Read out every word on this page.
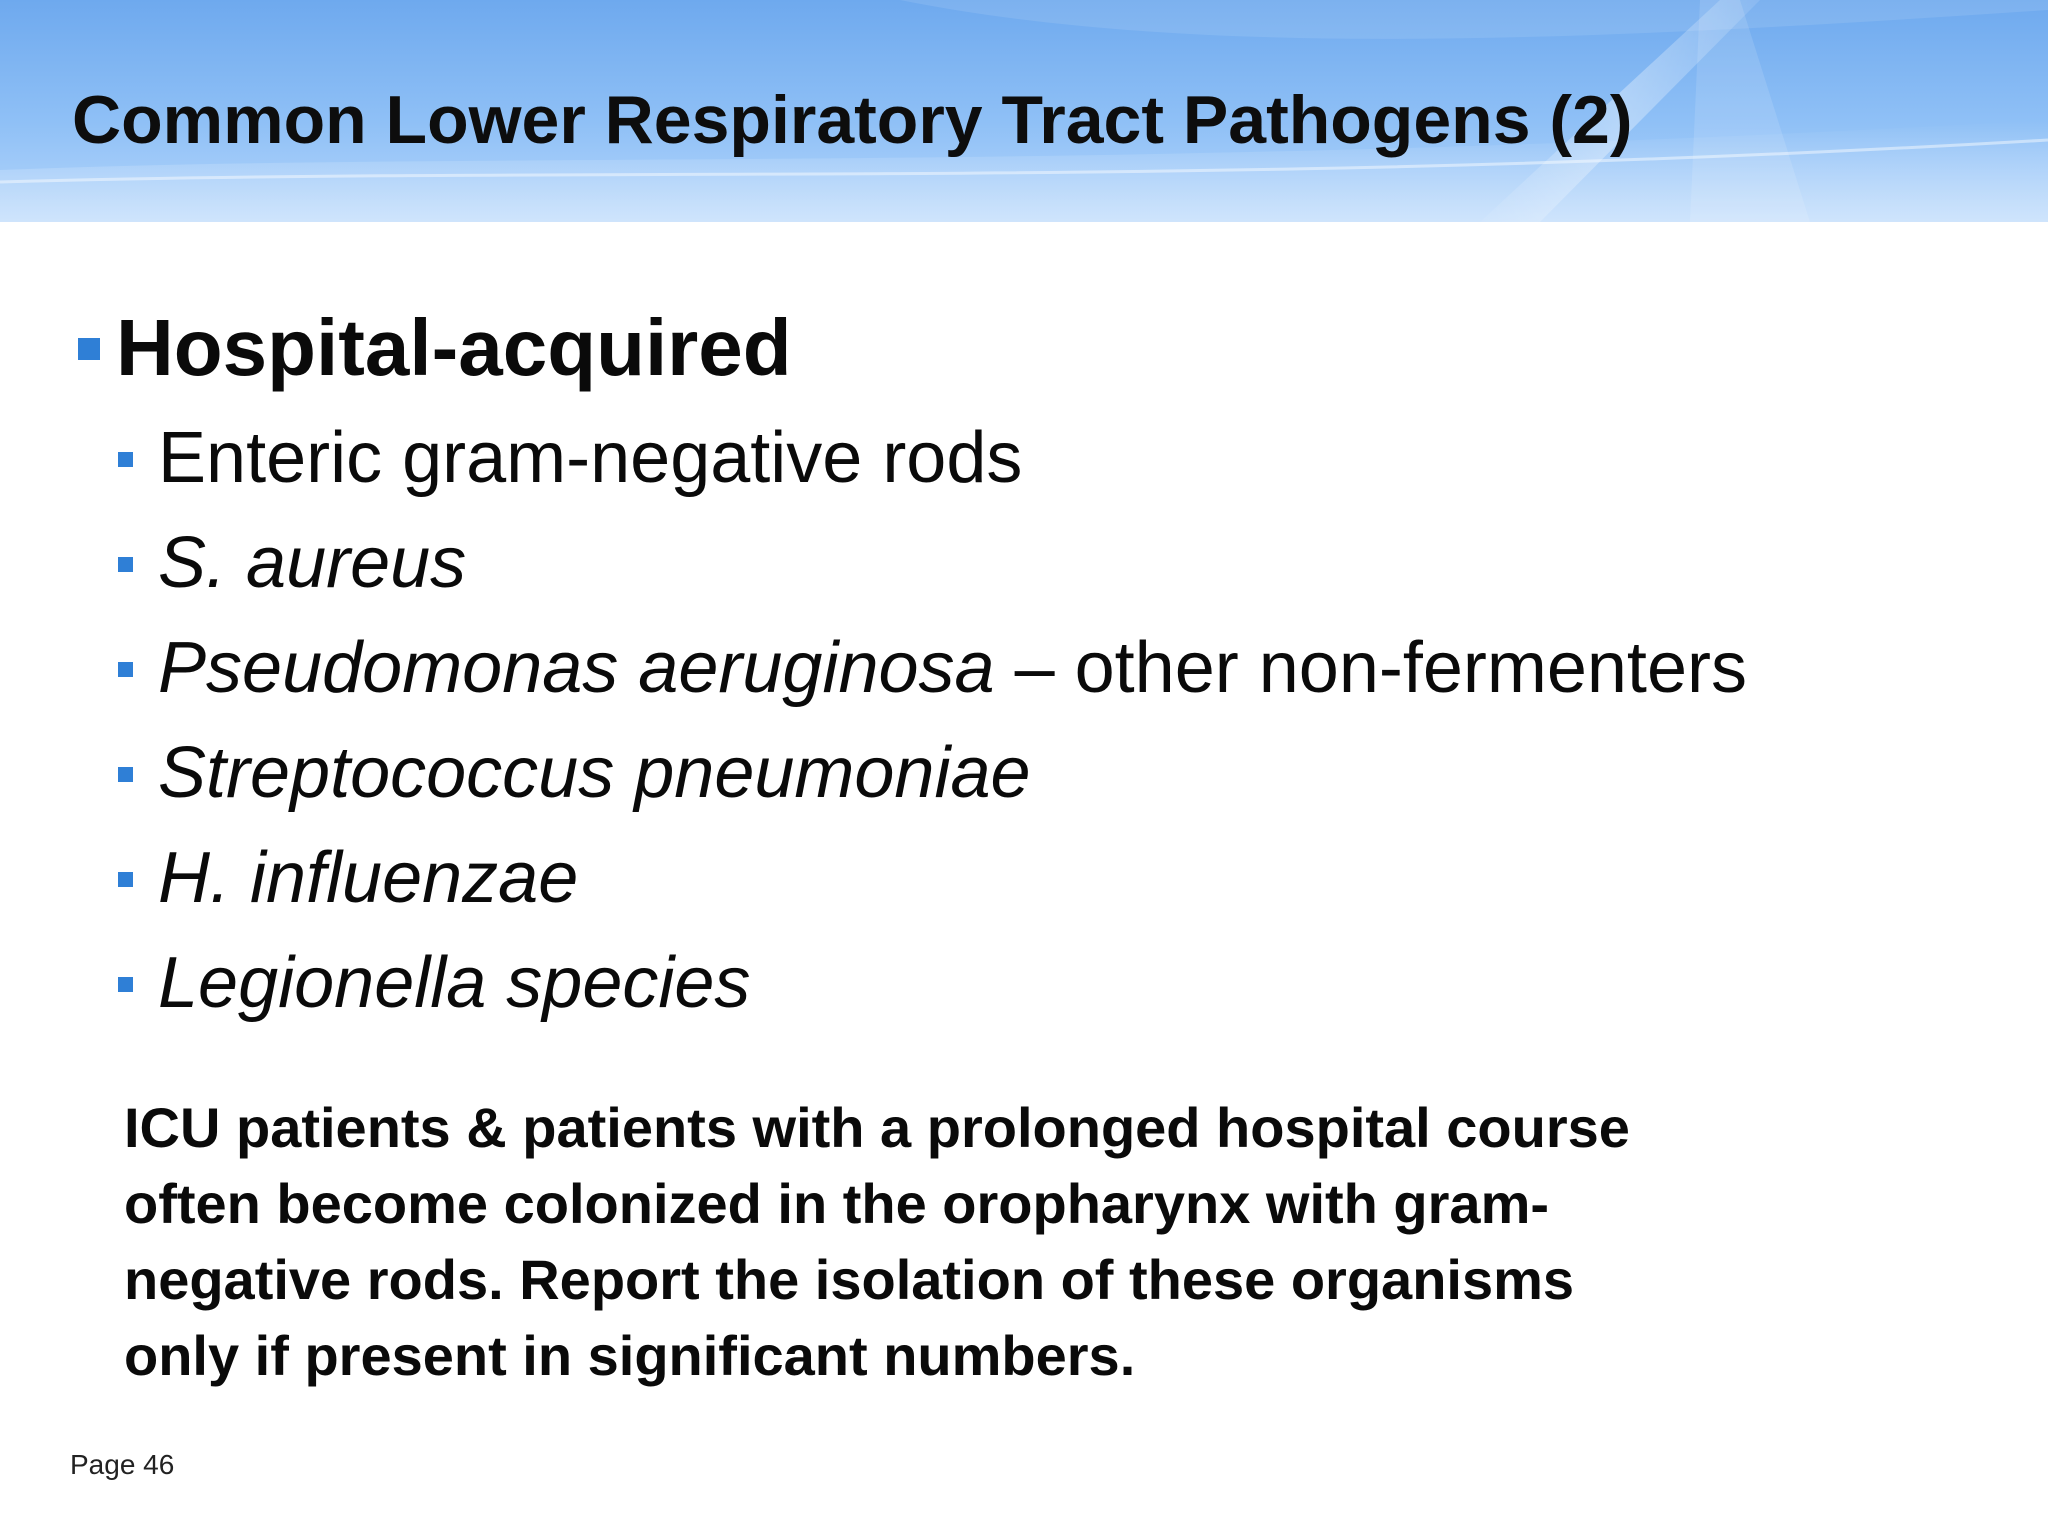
Common Lower Respiratory Tract Pathogens (2)
Hospital-acquired
Enteric gram-negative rods
S. aureus
Pseudomonas aeruginosa – other non-fermenters
Streptococcus pneumoniae
H. influenzae
Legionella species

ICU patients & patients with a prolonged hospital course
often become colonized in the oropharynx with gram-
negative rods. Report the isolation of these organisms
only if present in significant numbers.

Page 46
